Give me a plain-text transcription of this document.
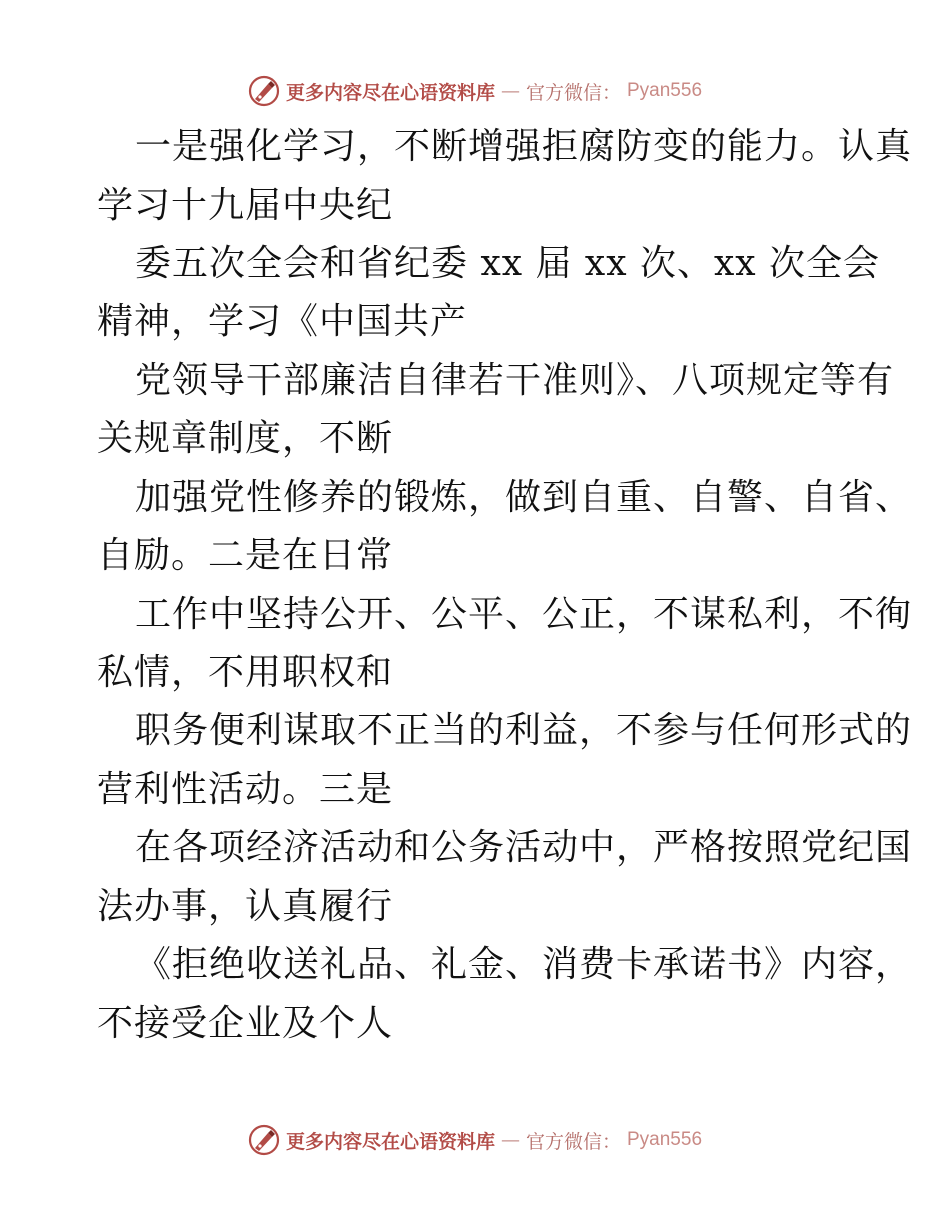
更多内容尽在心语资料库 — 官方微信： Pyan556
一是强化学习，不断增强拒腐防变的能力。认真
学习十九届中央纪
委五次全会和省纪委 xx 届 xx 次、xx 次全会
精神，学习《中国共产
党领导干部廉洁自律若干准则》、八项规定等有
关规章制度，不断
加强党性修养的锻炼，做到自重、自警、自省、
自励。二是在日常
工作中坚持公开、公平、公正，不谋私利，不徇
私情，不用职权和
职务便利谋取不正当的利益，不参与任何形式的
营利性活动。三是
在各项经济活动和公务活动中，严格按照党纪国
法办事，认真履行
《拒绝收送礼品、礼金、消费卡承诺书》内容，
不接受企业及个人
更多内容尽在心语资料库 — 官方微信： Pyan556
